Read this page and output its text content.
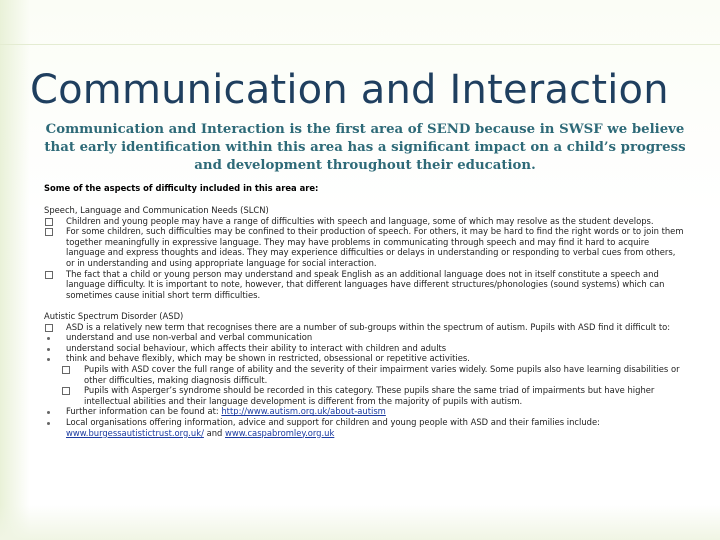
Communication and Interaction
Communication and Interaction is the first area of SEND because in SWSF we believe that early identification within this area has a significant impact on a child’s progress and development throughout their education.
Some of the aspects of difficulty included in this area are:
Speech, Language and Communication Needs (SLCN)
Children and young people may have a range of difficulties with speech and language, some of which may resolve as the student develops.
For some children, such difficulties may be confined to their production of speech. For others, it may be hard to find the right words or to join them together meaningfully in expressive language. They may have problems in communicating through speech and may find it hard to acquire language and express thoughts and ideas. They may experience difficulties or delays in understanding or responding to verbal cues from others, or in understanding and using appropriate language for social interaction.
The fact that a child or young person may understand and speak English as an additional language does not in itself constitute a speech and language difficulty. It is important to note, however, that different languages have different structures/phonologies (sound systems) which can sometimes cause initial short term difficulties.
Autistic Spectrum Disorder (ASD)
ASD is a relatively new term that recognises there are a number of sub-groups within the spectrum of autism. Pupils with ASD find it difficult to:
understand and use non-verbal and verbal communication
understand social behaviour, which affects their ability to interact with children and adults
think and behave flexibly, which may be shown in restricted, obsessional or repetitive activities.
Pupils with ASD cover the full range of ability and the severity of their impairment varies widely. Some pupils also have learning disabilities or other difficulties, making diagnosis difficult.
Pupils with Asperger’s syndrome should be recorded in this category. These pupils share the same triad of impairments but have higher intellectual abilities and their language development is different from the majority of pupils with autism.
Further information can be found at: http://www.autism.org.uk/about-autism
Local organisations offering information, advice and support for children and young people with ASD and their families include: www.burgessautistictrust.org.uk/ and www.caspabromley.org.uk
